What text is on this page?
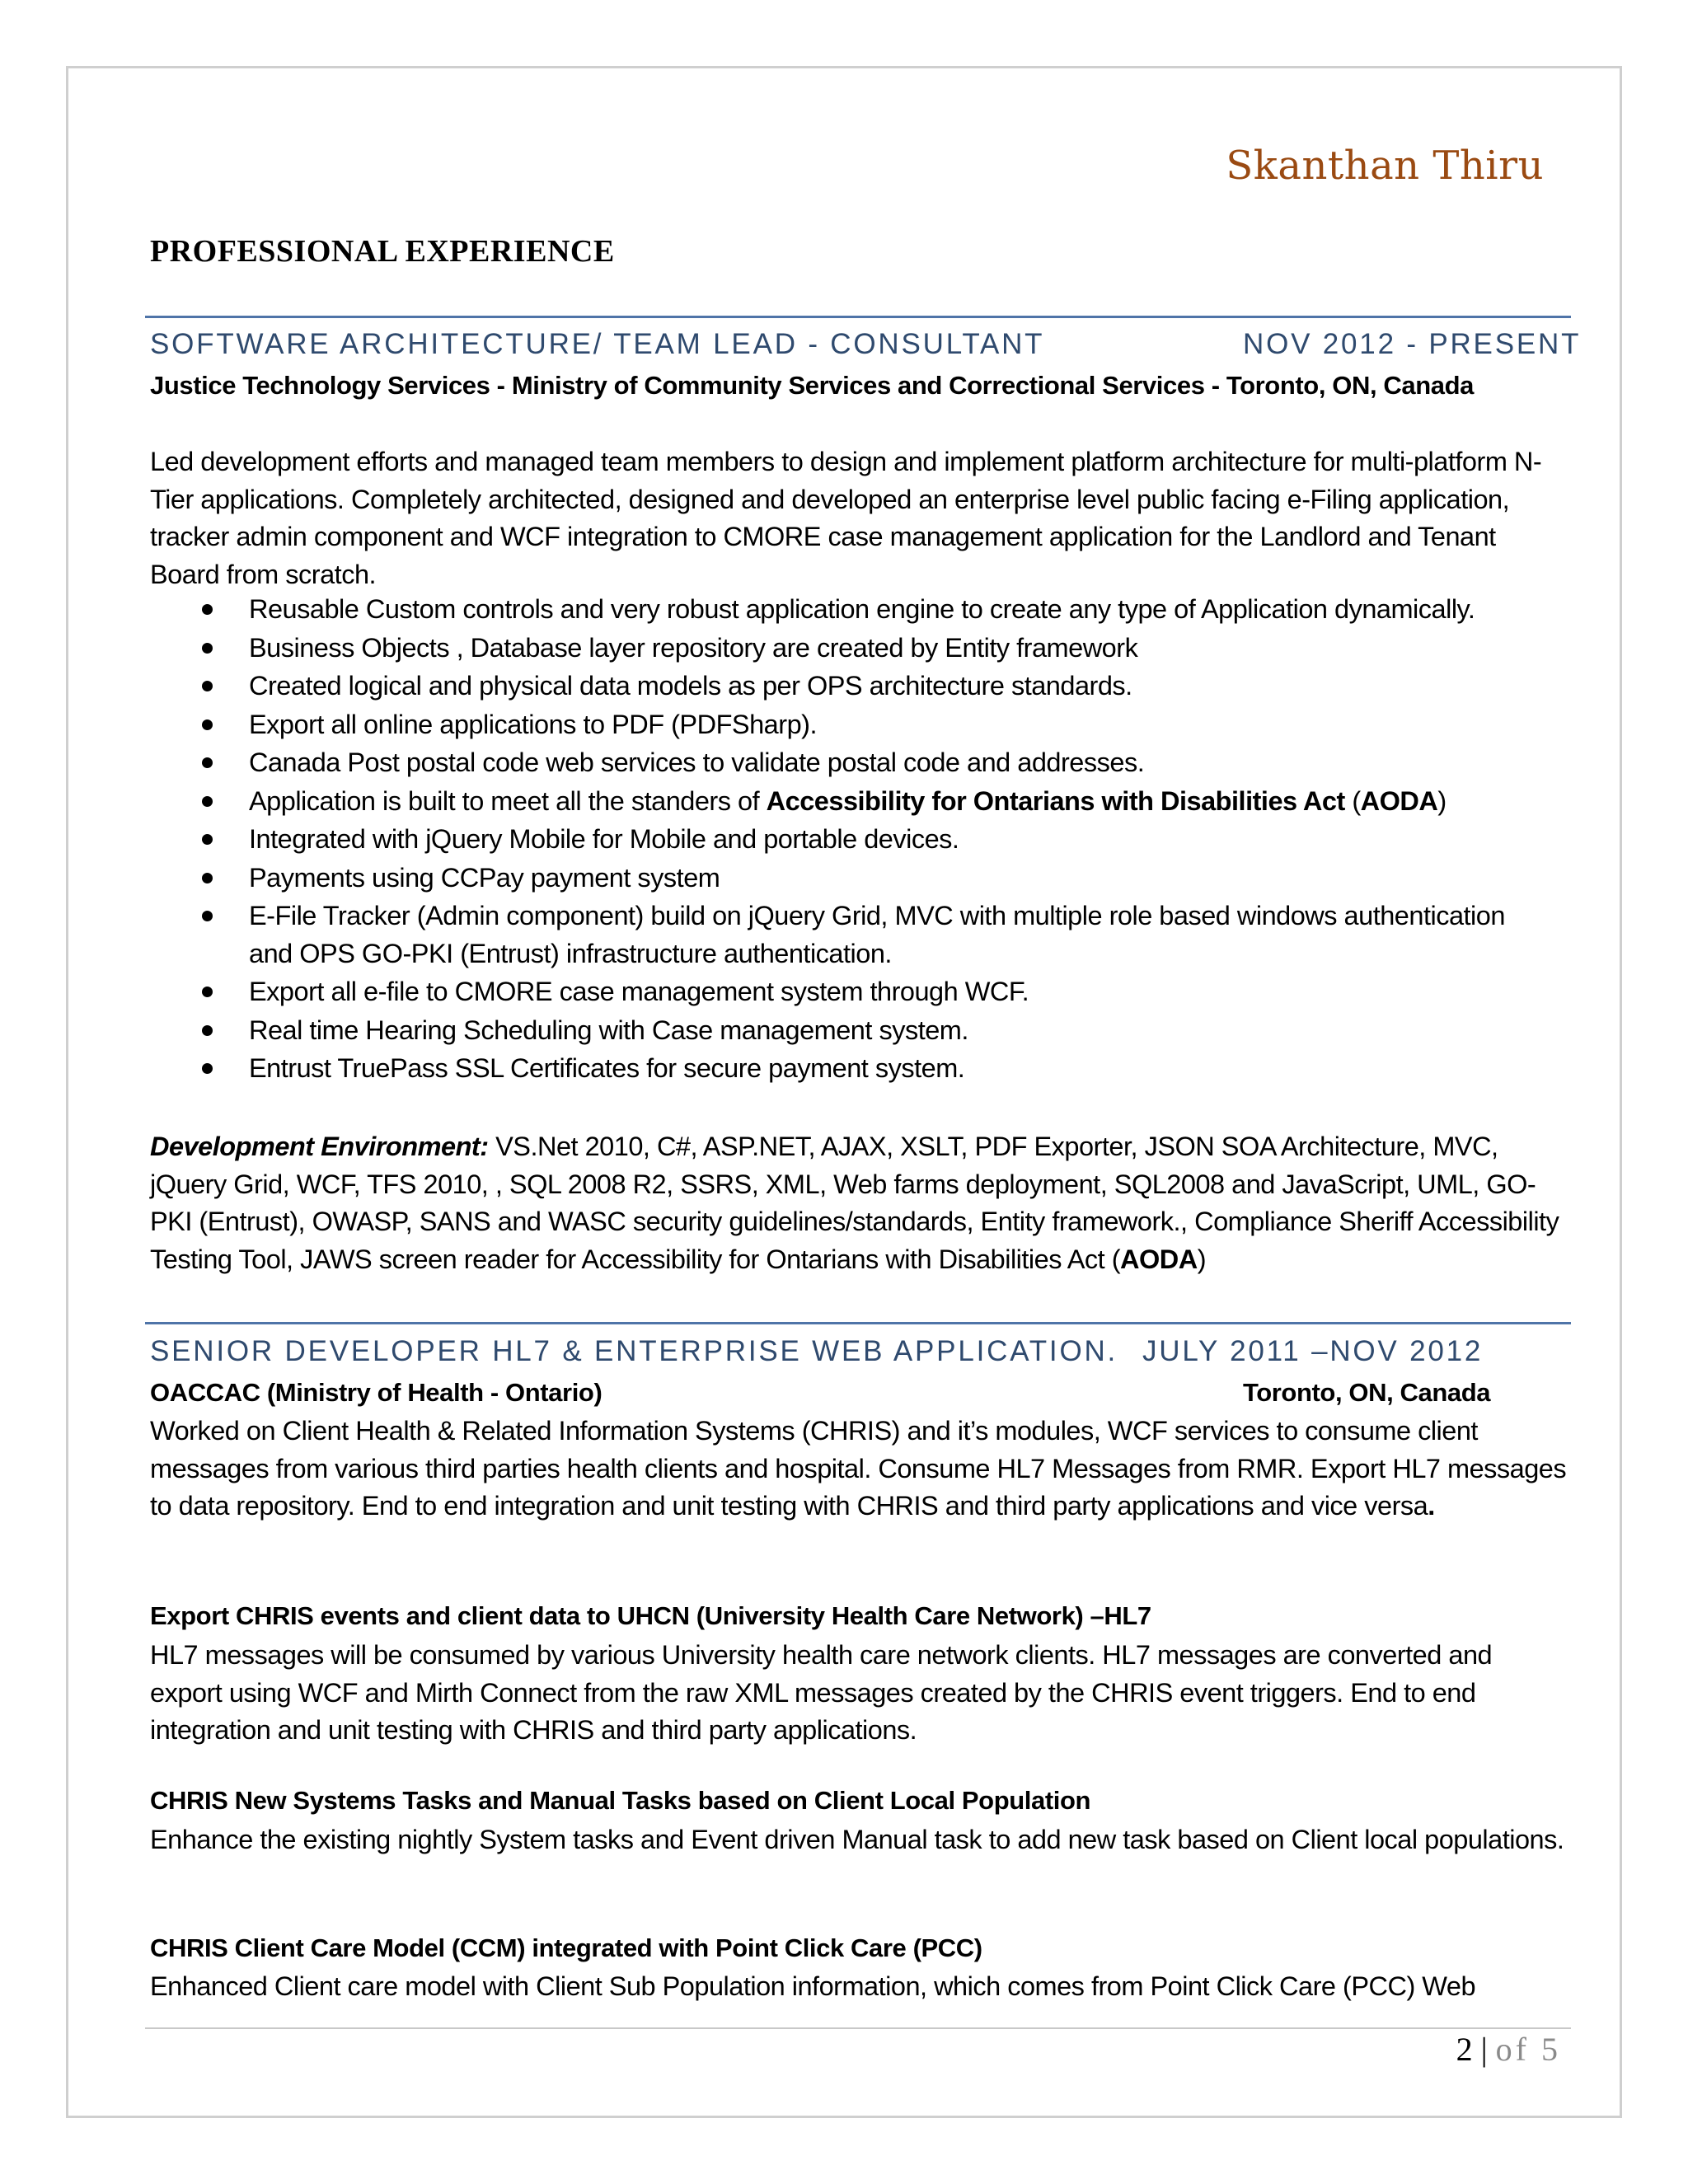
Skanthan Thiru
PROFESSIONAL EXPERIENCE
SOFTWARE ARCHITECTURE/ TEAM LEAD - CONSULTANT	NOV 2012 - PRESENT
Justice Technology Services - Ministry of Community Services and Correctional Services - Toronto, ON, Canada

Led development efforts and managed team members to design and implement platform architecture for multi-platform N-Tier applications. Completely architected, designed and developed an enterprise level public facing e-Filing application, tracker admin component and WCF integration to CMORE case management application for the Landlord and Tenant Board from scratch.

Reusable Custom controls and very robust application engine to create any type of Application dynamically.
Business Objects , Database layer repository are created by Entity framework
Created logical and physical data models as per OPS architecture standards.
Export all online applications to PDF (PDFSharp).
Canada Post postal code web services to validate postal code and addresses.
Application is built to meet all the standers of Accessibility for Ontarians with Disabilities Act (AODA)
Integrated with jQuery Mobile for Mobile and portable devices.
Payments using CCPay payment system
E-File Tracker (Admin component) build on jQuery Grid, MVC with multiple role based windows authentication and OPS GO-PKI (Entrust) infrastructure authentication.
Export all e-file to CMORE case management system through WCF.
Real time Hearing Scheduling with Case management system.
Entrust TruePass SSL Certificates for secure payment system.

Development Environment: VS.Net 2010, C#, ASP.NET, AJAX, XSLT, PDF Exporter, JSON SOA Architecture, MVC, jQuery Grid, WCF, TFS 2010, , SQL 2008 R2, SSRS, XML, Web farms deployment, SQL2008 and JavaScript, UML, GO-PKI (Entrust), OWASP, SANS and WASC security guidelines/standards, Entity framework., Compliance Sheriff Accessibility Testing Tool, JAWS screen reader for Accessibility for Ontarians with Disabilities Act (AODA)

SENIOR DEVELOPER HL7 & ENTERPRISE WEB APPLICATION. JULY 2011 –NOV 2012
OACCAC (Ministry of Health - Ontario)	Toronto, ON, Canada

Worked on Client Health & Related Information Systems (CHRIS) and it’s modules, WCF services to consume client messages from various third parties health clients and hospital. Consume HL7 Messages from RMR. Export HL7 messages to data repository. End to end integration and unit testing with CHRIS and third party applications and vice versa.

Export CHRIS events and client data to UHCN (University Health Care Network) –HL7

HL7 messages will be consumed by various University health care network clients. HL7 messages are converted and export using WCF and Mirth Connect from the raw XML messages created by the CHRIS event triggers. End to end integration and unit testing with CHRIS and third party applications.

CHRIS New Systems Tasks and Manual Tasks based on Client Local Population

Enhance the existing nightly System tasks and Event driven Manual task to add new task based on Client local populations.

CHRIS Client Care Model (CCM) integrated with Point Click Care (PCC)

Enhanced Client care model with Client Sub Population information, which comes from Point Click Care (PCC) Web

2 | of 5
